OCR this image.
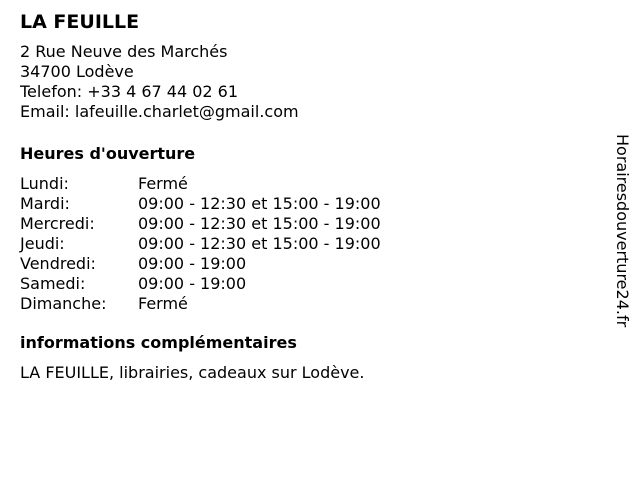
LA FEUILLE
2 Rue Neuve des Marchés
34700 Lodève
Telefon: +33 4 67 44 02 61
Email: lafeuille.charlet@gmail.com
Heures d'ouverture
Lundi:	Fermé
Mardi:	09:00 - 12:30 et 15:00 - 19:00
Mercredi:	09:00 - 12:30 et 15:00 - 19:00
Jeudi:	09:00 - 12:30 et 15:00 - 19:00
Vendredi:	09:00 - 19:00
Samedi:	09:00 - 19:00
Dimanche:	Fermé
informations complémentaires
LA FEUILLE, librairies, cadeaux sur Lodève.
Horairesdouverture24.fr
